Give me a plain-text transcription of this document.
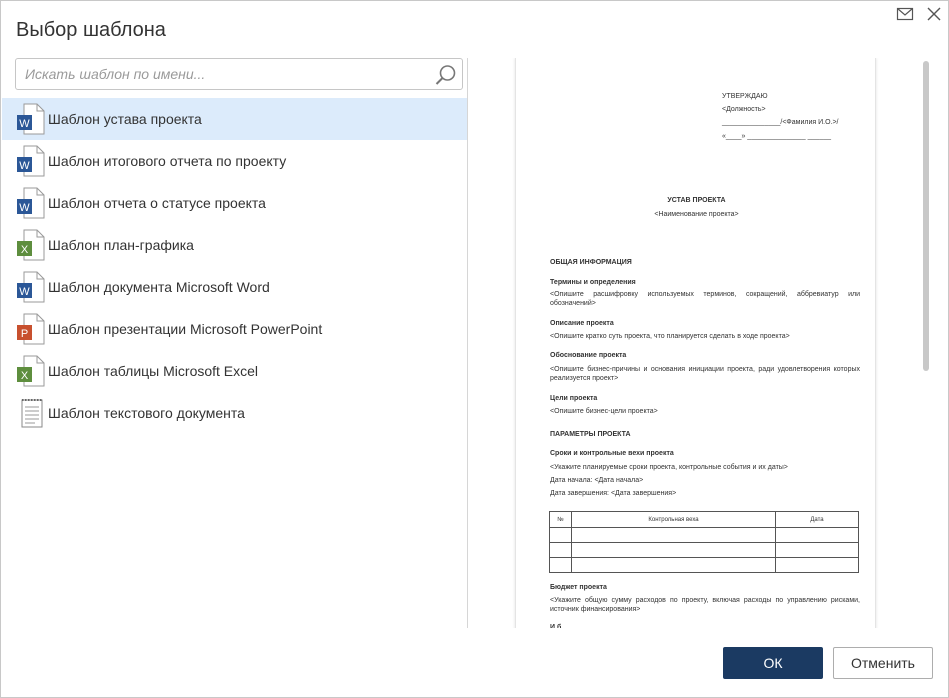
Выбор шаблона
Искать шаблон по имени...
W Шаблон устава проекта
W Шаблон итогового отчета по проекту
W Шаблон отчета о статусе проекта
X Шаблон план-графика
W Шаблон документа Microsoft Word
P Шаблон презентации Microsoft PowerPoint
X Шаблон таблицы Microsoft Excel
Шаблон текстового документа
УТВЕРЖДАЮ
<Должность>
_______________/<Фамилия И.О.>/
«____» _______________ ______
УСТАВ ПРОЕКТА
<Наименование проекта>
ОБЩАЯ ИНФОРМАЦИЯ
Термины и определения
<Опишите расшифровку используемых терминов, сокращений, аббревиатур или обозначений>
Описание проекта
<Опишите кратко суть проекта, что планируется сделать в ходе проекта>
Обоснование проекта
<Опишите бизнес-причины и основания инициации проекта, ради удовлетворения которых реализуется проект>
Цели проекта
<Опишите бизнес-цели проекта>
ПАРАМЕТРЫ ПРОЕКТА
Сроки и контрольные вехи проекта
<Укажите планируемые сроки проекта, контрольные события и их даты>
Дата начала: <Дата начала>
Дата завершения: <Дата завершения>
№	Контрольная веха	Дата

Бюджет проекта
<Укажите общую сумму расходов по проекту, включая расходы по управлению рисками, источник финансирования>
И б
ОК	Отменить
